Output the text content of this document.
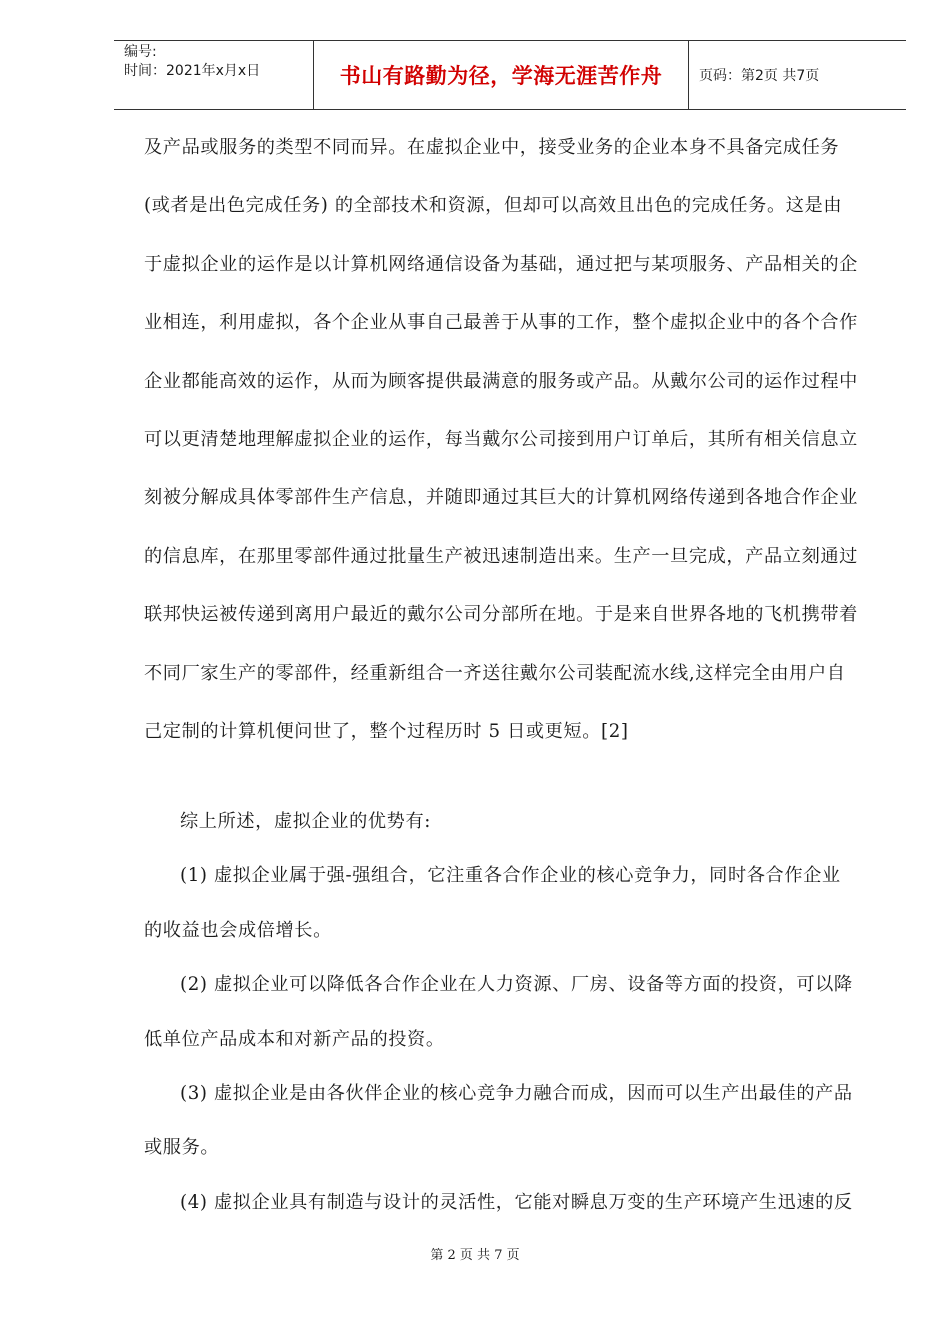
编号:
时间：2021年x月x日	书山有路勤为径，学海无涯苦作舟	页码：第2页 共7页
及产品或服务的类型不同而异。在虚拟企业中，接受业务的企业本身不具备完成任务
(或者是出色完成任务) 的全部技术和资源，但却可以高效且出色的完成任务。这是由
于虚拟企业的运作是以计算机网络通信设备为基础，通过把与某项服务、产品相关的企
业相连，利用虚拟，各个企业从事自己最善于从事的工作，整个虚拟企业中的各个合作
企业都能高效的运作，从而为顾客提供最满意的服务或产品。从戴尔公司的运作过程中
可以更清楚地理解虚拟企业的运作，每当戴尔公司接到用户订单后，其所有相关信息立
刻被分解成具体零部件生产信息，并随即通过其巨大的计算机网络传递到各地合作企业
的信息库，在那里零部件通过批量生产被迅速制造出来。生产一旦完成，产品立刻通过
联邦快运被传递到离用户最近的戴尔公司分部所在地。于是来自世界各地的飞机携带着
不同厂家生产的零部件，经重新组合一齐送往戴尔公司装配流水线,这样完全由用户自
己定制的计算机便问世了，整个过程历时 5 日或更短。[2]
综上所述，虚拟企业的优势有:
(1) 虚拟企业属于强-强组合，它注重各合作企业的核心竞争力，同时各合作企业
的收益也会成倍增长。
(2) 虚拟企业可以降低各合作企业在人力资源、厂房、设备等方面的投资，可以降
低单位产品成本和对新产品的投资。
(3) 虚拟企业是由各伙伴企业的核心竞争力融合而成，因而可以生产出最佳的产品
或服务。
(4) 虚拟企业具有制造与设计的灵活性，它能对瞬息万变的生产环境产生迅速的反
第 2 页 共 7 页
